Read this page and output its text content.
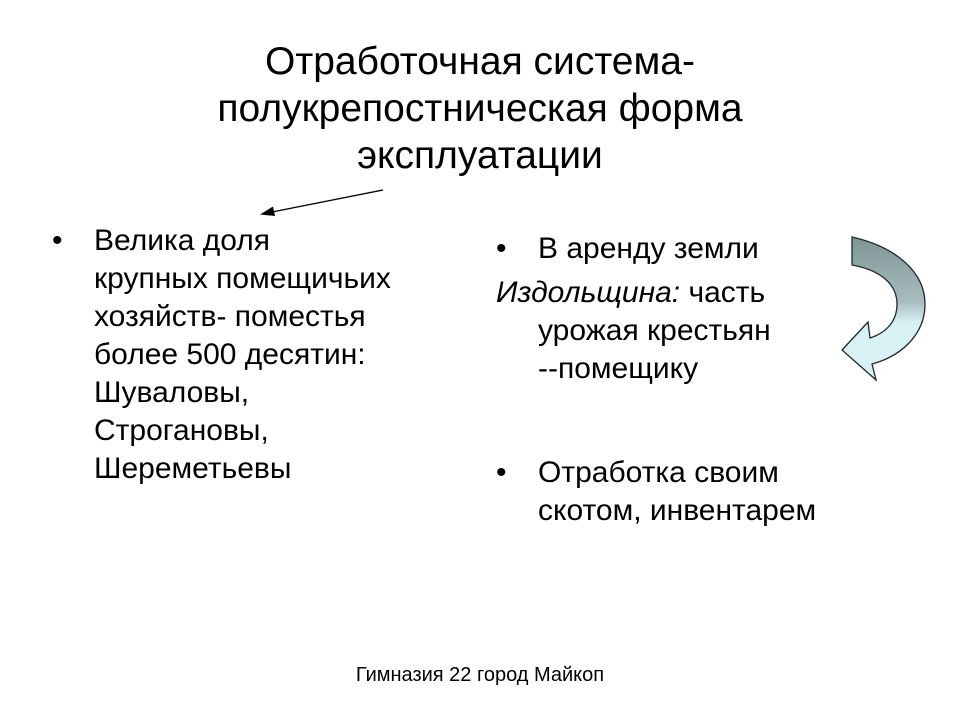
Отработочная система-
полукрепостническая форма
эксплуатации
•	Велика доля
крупных помещичьих
хозяйств- поместья
более 500 десятин:
Шуваловы,
Строгановы,
Шереметьевы
•	В аренду земли
Издольщина: часть
урожая крестьян
--помещику
•	Отработка своим
скотом, инвентарем
Гимназия 22 город Майкоп
